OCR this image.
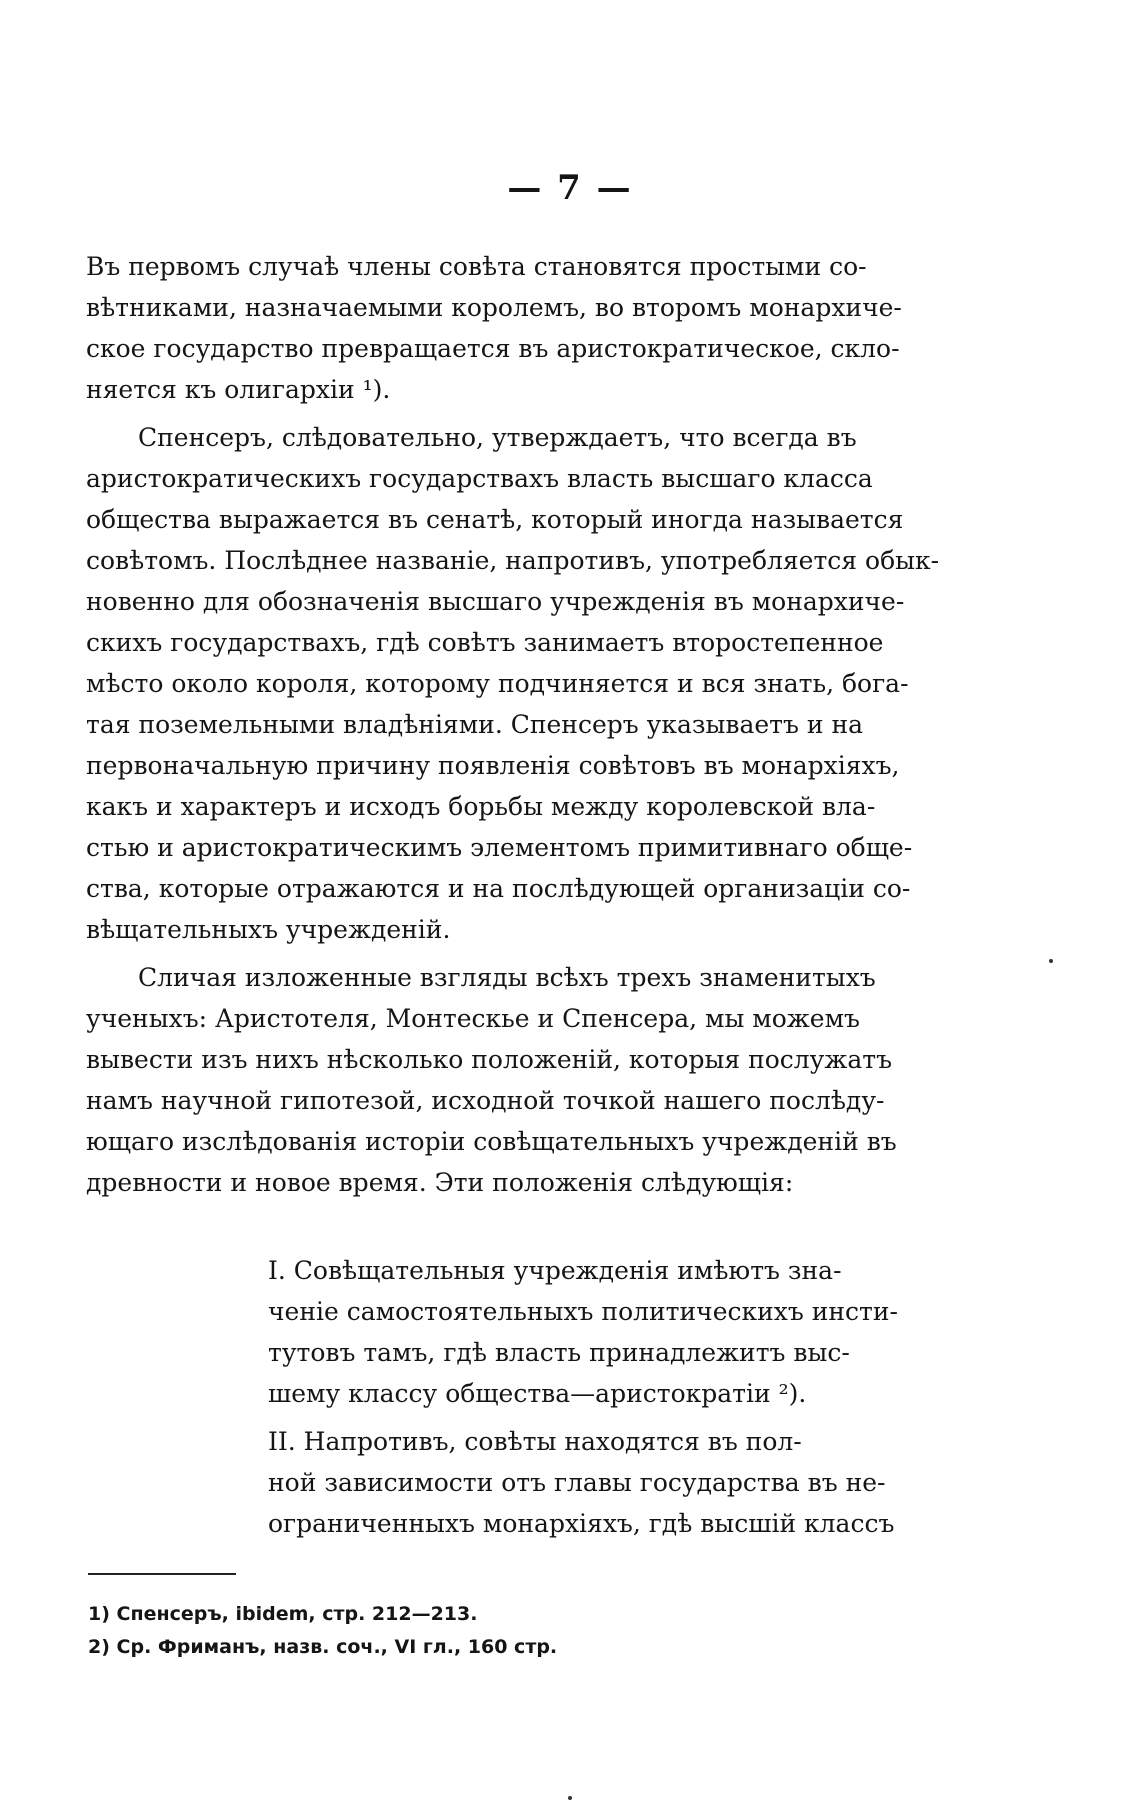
— 7 —
Въ первомъ случаѣ члены совѣта становятся простыми со-
вѣтниками, назначаемыми королемъ, во второмъ монархиче-
ское государство превращается въ аристократическое, скло-
няется къ олигархіи ¹).
Спенсеръ, слѣдовательно, утверждаетъ, что всегда въ
аристократическихъ государствахъ власть высшаго класса
общества выражается въ сенатѣ, который иногда называется
совѣтомъ. Послѣднее названіе, напротивъ, употребляется обык-
новенно для обозначенія высшаго учрежденія въ монархиче-
скихъ государствахъ, гдѣ совѣтъ занимаетъ второстепенное
мѣсто около короля, которому подчиняется и вся знать, бога-
тая поземельными владѣніями. Спенсеръ указываетъ и на
первоначальную причину появленія совѣтовъ въ монархіяхъ,
какъ и характеръ и исходъ борьбы между королевской вла-
стью и аристократическимъ элементомъ примитивнаго обще-
ства, которые отражаются и на послѣдующей организаціи со-
вѣщательныхъ учрежденій.
Сличая изложенные взгляды всѣхъ трехъ знаменитыхъ
ученыхъ: Аристотеля, Монтескье и Спенсера, мы можемъ
вывести изъ нихъ нѣсколько положеній, которыя послужатъ
намъ научной гипотезой, исходной точкой нашего послѣду-
ющаго изслѣдованія исторіи совѣщательныхъ учрежденій въ
древности и новое время. Эти положенія слѣдующія:
I. Совѣщательныя учрежденія имѣютъ зна-
ченіе самостоятельныхъ политическихъ инсти-
тутовъ тамъ, гдѣ власть принадлежитъ выс-
шему классу общества—аристократіи ²).
II. Напротивъ, совѣты находятся въ пол-
ной зависимости отъ главы государства въ не-
ограниченныхъ монархіяхъ, гдѣ высшій классъ
1) Спенсеръ, ibidem, стр. 212—213.
2) Ср. Фриманъ, назв. соч., VI гл., 160 стр.
